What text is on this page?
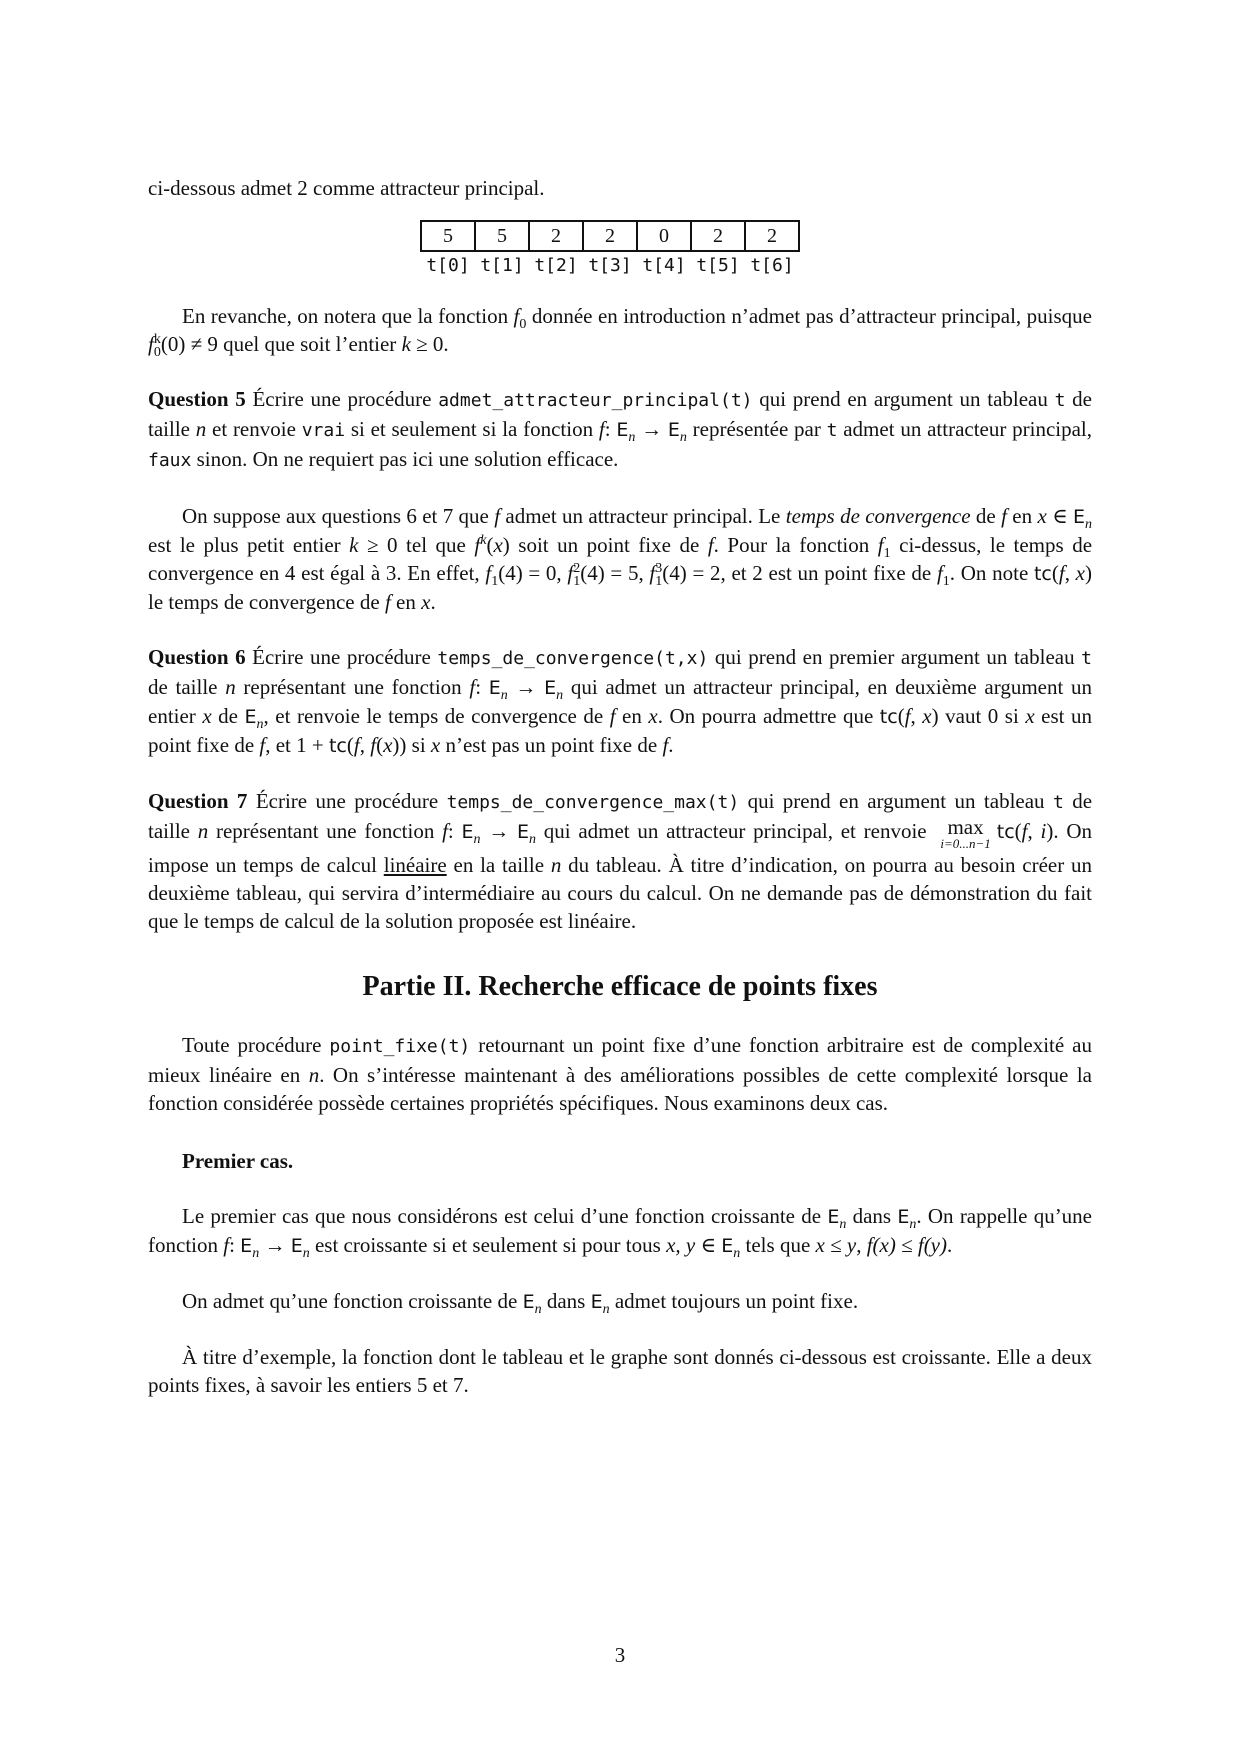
ci-dessous admet 2 comme attracteur principal.

5	5	2	2	0	2	2
t[0]	t[1]	t[2]	t[3]	t[4]	t[5]	t[6]

En revanche, on notera que la fonction $f_0$ donnée en introduction n’admet pas d’attracteur principal, puisque $f^k_0(0) \ne 9$ quel que soit l’entier k ≥ 0.

Question 5 Écrire une procédure admet_attracteur_principal(t) qui prend en argument un tableau t de taille n et renvoie vrai si et seulement si la fonction f: $E_n \to E_n$ représentée par t admet un attracteur principal, faux sinon. On ne requiert pas ici une solution efficace.

On suppose aux questions 6 et 7 que f admet un attracteur principal. Le temps de convergence de f en x ∈ $E_n$ est le plus petit entier k ≥ 0 tel que $f^k(x)$ soit un point fixe de f. Pour la fonction $f_1$ ci-dessus, le temps de convergence en 4 est égal à 3. En effet, $f_1(4) = 0$, $f^2_1(4) = 5$, $f^3_1(4) = 2$, et 2 est un point fixe de $f_1$. On note tc(f, x) le temps de convergence de f en x.

Question 6 Écrire une procédure temps_de_convergence(t,x) qui prend en premier argument un tableau t de taille n représentant une fonction f: $E_n \to E_n$ qui admet un attracteur principal, en deuxième argument un entier x de $E_n$, et renvoie le temps de convergence de f en x. On pourra admettre que tc(f, x) vaut 0 si x est un point fixe de f, et 1 + tc(f, f(x)) si x n’est pas un point fixe de f.

Question 7 Écrire une procédure temps_de_convergence_max(t) qui prend en argument un tableau t de taille n représentant une fonction f: $E_n \to E_n$ qui admet un attracteur principal, et renvoie max
i=0...n−1
tc(f, i). On impose un temps de calcul linéaire en la taille n du tableau. À titre d’indication, on pourra au besoin créer un deuxième tableau, qui servira d’intermédiaire au cours du calcul. On ne demande pas de démonstration du fait que le temps de calcul de la solution proposée est linéaire.

Partie II. Recherche efficace de points fixes

Toute procédure point_fixe(t) retournant un point fixe d’une fonction arbitraire est de complexité au mieux linéaire en n. On s’intéresse maintenant à des améliorations possibles de cette complexité lorsque la fonction considérée possède certaines propriétés spécifiques. Nous examinons deux cas.

Premier cas.

Le premier cas que nous considérons est celui d’une fonction croissante de $E_n$ dans $E_n$. On rappelle qu’une fonction f: $E_n \to E_n$ est croissante si et seulement si pour tous x, y ∈ $E_n$ tels que x ≤ y, f(x) ≤ f(y).

On admet qu’une fonction croissante de $E_n$ dans $E_n$ admet toujours un point fixe.

À titre d’exemple, la fonction dont le tableau et le graphe sont donnés ci-dessous est croissante. Elle a deux points fixes, à savoir les entiers 5 et 7.

3
